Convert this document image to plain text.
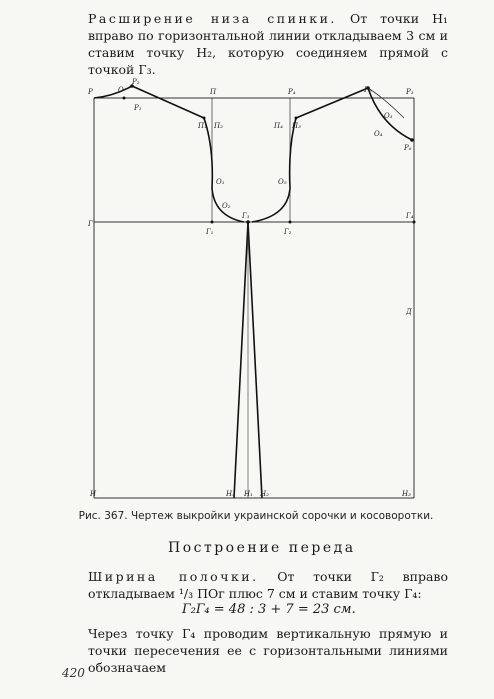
Расширение низа спинки. От точки Н₁ вправо по горизонтальной линии откладываем 3 см и ставим точку Н₂, которую соединяем прямой с точкой Г₃.
Р	О
Р₂
Р₁
П	Р₄	Р₅	Р₃
П₁ П₂	П₄ П₃
О₃
О₄
Р₆
О₁	О₅
О₂
Г₃
Г
Г₄
Г₁	Г₂
Д
Н	Н₄ Н₁ Н₂	Н₃
Рис. 367. Чертеж выкройки украинской сорочки и косоворотки.
Построение переда
Ширина полочки. От точки Г₂ вправо откладываем ¹/₃ ПОг плюс 7 см и ставим точку Г₄:
Г₂Г₄ = 48 : 3 + 7 = 23 см.
Через точку Г₄ проводим вертикальную прямую и точки пересечения ее с горизонтальными линиями обозначаем
420
